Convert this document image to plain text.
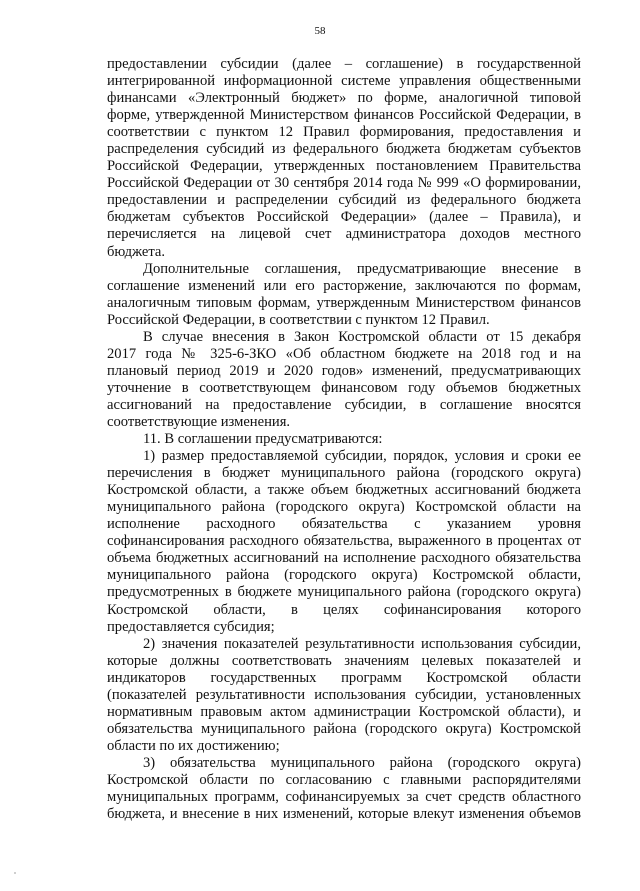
58
предоставлении субсидии (далее – соглашение) в государственной
интегрированной информационной системе управления общественными
финансами «Электронный бюджет» по форме, аналогичной типовой
форме, утвержденной Министерством финансов Российской Федерации, в
соответствии с пунктом 12 Правил формирования, предоставления и
распределения субсидий из федерального бюджета бюджетам субъектов
Российской Федерации, утвержденных постановлением Правительства
Российской Федерации от 30 сентября 2014 года № 999 «О формировании,
предоставлении и распределении субсидий из федерального бюджета
бюджетам субъектов Российской Федерации» (далее – Правила), и
перечисляется на лицевой счет администратора доходов местного
бюджета.
Дополнительные соглашения, предусматривающие внесение в
соглашение изменений или его расторжение, заключаются по формам,
аналогичным типовым формам, утвержденным Министерством финансов
Российской Федерации, в соответствии с пунктом 12 Правил.
В случае внесения в Закон Костромской области от 15 декабря
2017 года № 325-6-ЗКО «Об областном бюджете на 2018 год и на
плановый период 2019 и 2020 годов» изменений, предусматривающих
уточнение в соответствующем финансовом году объемов бюджетных
ассигнований на предоставление субсидии, в соглашение вносятся
соответствующие изменения.
11. В соглашении предусматриваются:
1) размер предоставляемой субсидии, порядок, условия и сроки ее
перечисления в бюджет муниципального района (городского округа)
Костромской области, а также объем бюджетных ассигнований бюджета
муниципального района (городского округа) Костромской области на
исполнение расходного обязательства с указанием уровня
софинансирования расходного обязательства, выраженного в процентах от
объема бюджетных ассигнований на исполнение расходного обязательства
муниципального района (городского округа) Костромской области,
предусмотренных в бюджете муниципального района (городского округа)
Костромской области, в целях софинансирования которого
предоставляется субсидия;
2) значения показателей результативности использования субсидии,
которые должны соответствовать значениям целевых показателей и
индикаторов государственных программ Костромской области
(показателей результативности использования субсидии, установленных
нормативным правовым актом администрации Костромской области), и
обязательства муниципального района (городского округа) Костромской
области по их достижению;
3) обязательства муниципального района (городского округа)
Костромской области по согласованию с главными распорядителями
муниципальных программ, софинансируемых за счет средств областного
бюджета, и внесение в них изменений, которые влекут изменения объемов
